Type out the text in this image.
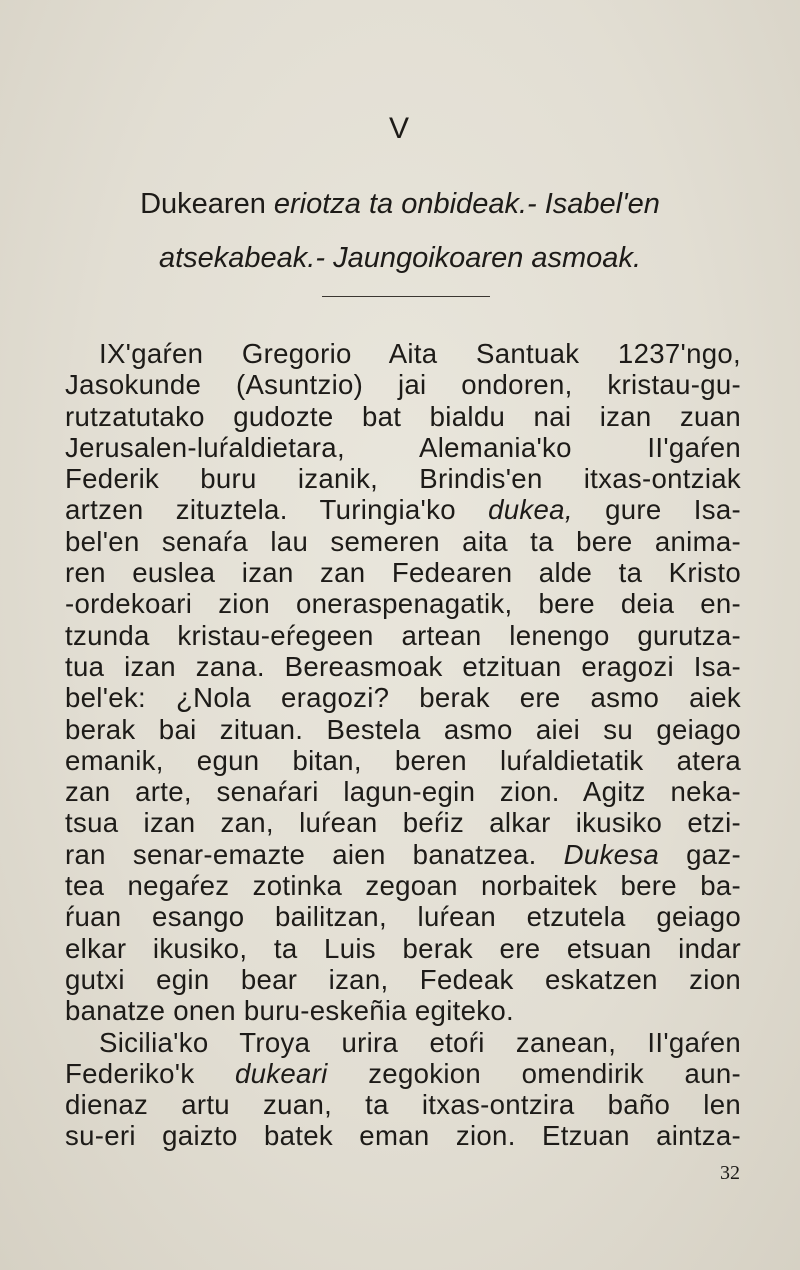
V
Dukearen eriotza ta onbideak.- Isabel'en
atsekabeak.- Jaungoikoaren asmoak.
IX'gaŕen Gregorio Aita Santuak 1237'ngo,
Jasokunde (Asuntzio) jai ondoren, kristau-gu-
rutzatutako gudozte bat bialdu nai izan zuan
Jerusalen-luŕaldietara, Alemania'ko II'gaŕen
Federik buru izanik, Brindis'en itxas-ontziak
artzen zituztela. Turingia'ko dukea, gure Isa-
bel'en senaŕa lau semeren aita ta bere anima-
ren euslea izan zan Fedearen alde ta Kristo
-ordekoari zion oneraspenagatik, bere deia en-
tzunda kristau-eŕegeen artean lenengo gurutza-
tua izan zana. Bereasmoak etzituan eragozi Isa-
bel'ek: ¿Nola eragozi? berak ere asmo aiek
berak bai zituan. Bestela asmo aiei su geiago
emanik, egun bitan, beren luŕaldietatik atera
zan arte, senaŕari lagun-egin zion. Agitz neka-
tsua izan zan, luŕean beŕiz alkar ikusiko etzi-
ran senar-emazte aien banatzea. Dukesa gaz-
tea negaŕez zotinka zegoan norbaitek bere ba-
ŕuan esango bailitzan, luŕean etzutela geiago
elkar ikusiko, ta Luis berak ere etsuan indar
gutxi egin bear izan, Fedeak eskatzen zion
banatze onen buru-eskeñia egiteko.
Sicilia'ko Troya urira etoŕi zanean, II'gaŕen
Federiko'k dukeari zegokion omendirik aun-
dienaz artu zuan, ta itxas-ontzira baño len
su-eri gaizto batek eman zion. Etzuan aintza-
32
